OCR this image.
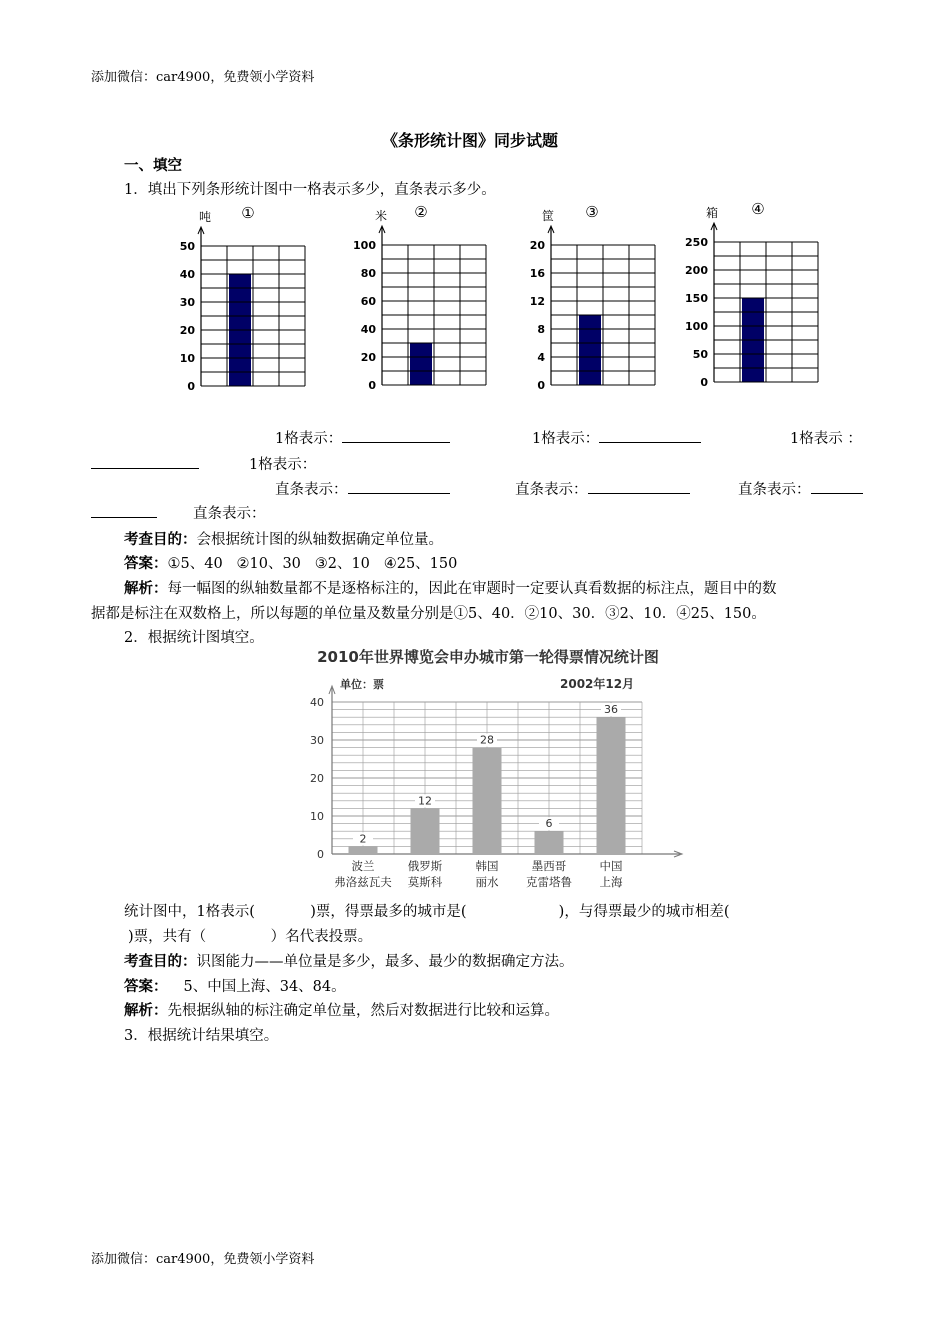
添加微信：car4900，免费领小学资料
《条形统计图》同步试题
一、填空
1．填出下列条形统计图中一格表示多少，直条表示多少。
吨 ①
0
10
20
30
40
50
米 ②
0
20
40
60
80
100
筐 ③
0
4
8
12
16
20
箱 ④
0
50
100
150
200
250
1格表示：	1格表示：	1格表示 ：
1格表示：
直条表示：	直条表示：	直条表示：
直条表示：
考查目的：会根据统计图的纵轴数据确定单位量。
答案：①5、40   ②10、30   ③2、10   ④25、150
解析：每一幅图的纵轴数量都不是逐格标注的，因此在审题时一定要认真看数据的标注点，题目中的数
据都是标注在双数格上，所以每题的单位量及数量分别是①5、40．②10、30．③2、10．④25、150。
2．根据统计图填空。
2010年世界博览会申办城市第一轮得票情况统计图
单位：票	2002年12月
0
10
20
30
40
2
波兰
弗洛兹瓦夫
12
俄罗斯
莫斯科
28
韩国
丽水
6
墨西哥
克雷塔鲁
36
中国
上海
统计图中，1格表示(            )票，得票最多的城市是(                    )，与得票最少的城市相差(
)票，共有（              ）名代表投票。
考查目的：识图能力——单位量是多少，最多、最少的数据确定方法。
答案： 5、中国上海、34、84。
解析：先根据纵轴的标注确定单位量，然后对数据进行比较和运算。
3．根据统计结果填空。
添加微信：car4900，免费领小学资料
